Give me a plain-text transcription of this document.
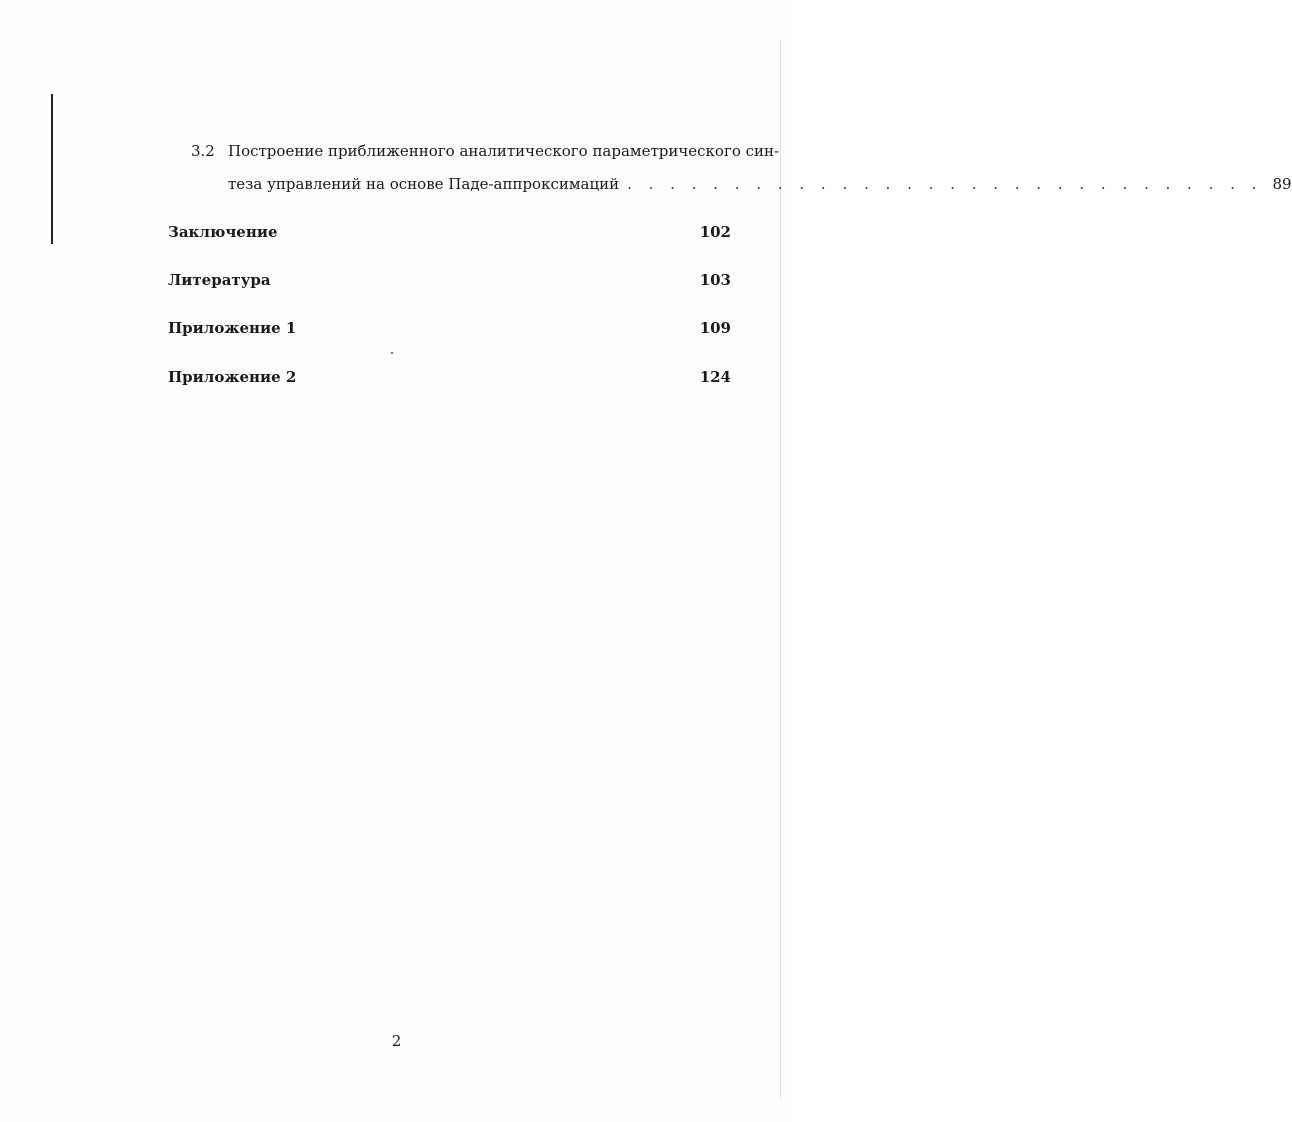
3.2 Построение приближенного аналитического параметрического син-
теза управлений на основе Паде-аппроксимаций . . . . . . . . . . . . . . . . . . . . . . . . . . . . . . 89
Заключение	102
Литература	103
Приложение 1	109
Приложение 2	124
2
